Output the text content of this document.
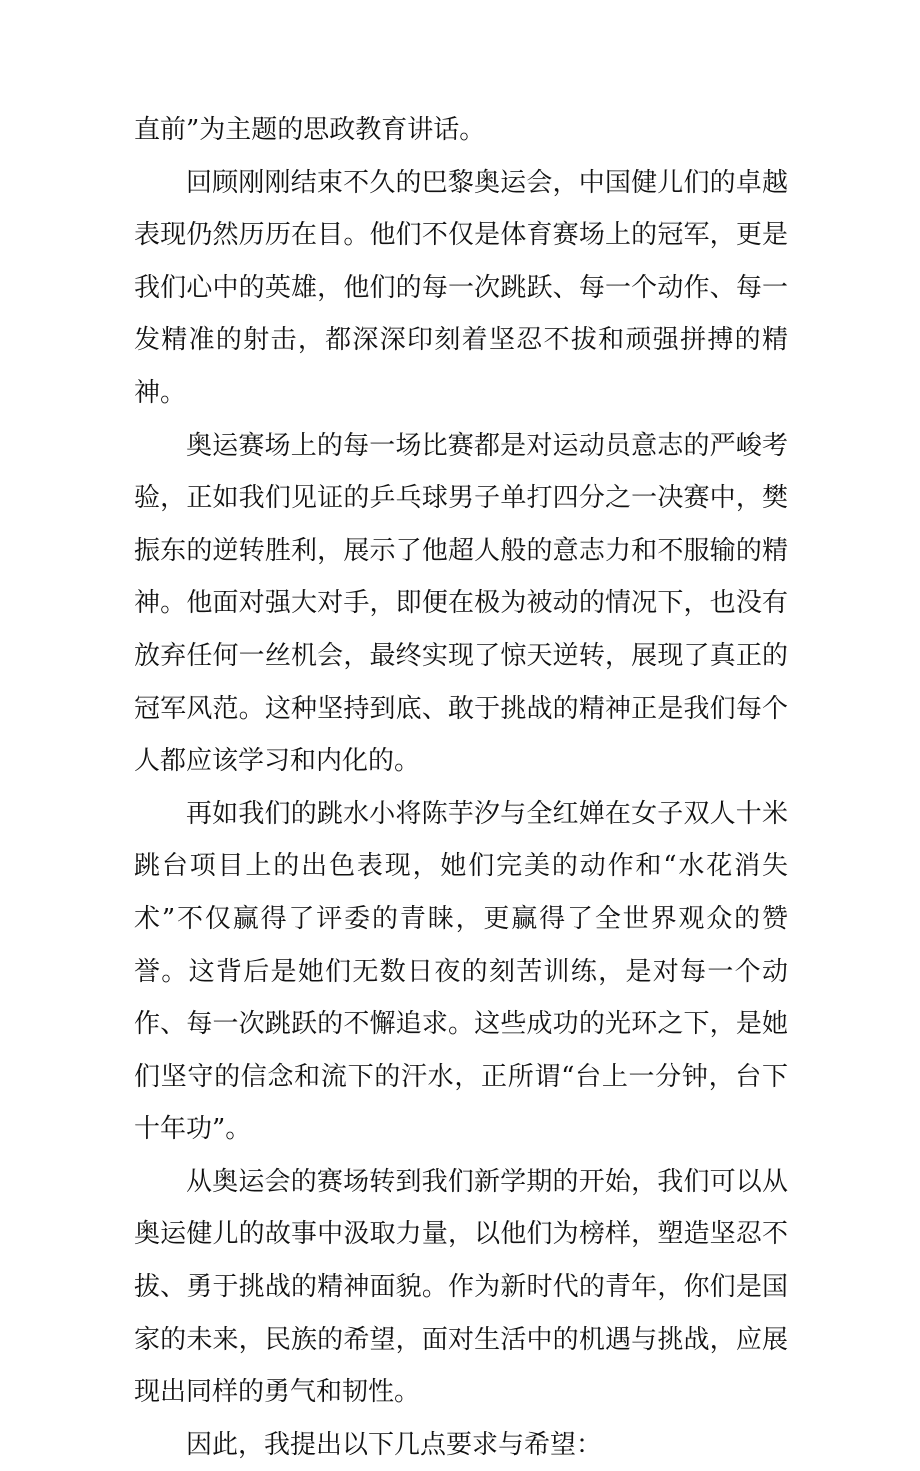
直前”为主题的思政教育讲话。

回顾刚刚结束不久的巴黎奥运会，中国健儿们的卓越表现仍然历历在目。他们不仅是体育赛场上的冠军，更是我们心中的英雄，他们的每一次跳跃、每一个动作、每一发精准的射击，都深深印刻着坚忍不拔和顽强拼搏的精神。

奥运赛场上的每一场比赛都是对运动员意志的严峻考验，正如我们见证的乒乓球男子单打四分之一决赛中，樊振东的逆转胜利，展示了他超人般的意志力和不服输的精神。他面对强大对手，即便在极为被动的情况下，也没有放弃任何一丝机会，最终实现了惊天逆转，展现了真正的冠军风范。这种坚持到底、敢于挑战的精神正是我们每个人都应该学习和内化的。

再如我们的跳水小将陈芋汐与全红婵在女子双人十米跳台项目上的出色表现，她们完美的动作和“水花消失术”不仅赢得了评委的青睐，更赢得了全世界观众的赞誉。这背后是她们无数日夜的刻苦训练，是对每一个动作、每一次跳跃的不懈追求。这些成功的光环之下，是她们坚守的信念和流下的汗水，正所谓“台上一分钟，台下十年功”。

从奥运会的赛场转到我们新学期的开始，我们可以从奥运健儿的故事中汲取力量，以他们为榜样，塑造坚忍不拔、勇于挑战的精神面貌。作为新时代的青年，你们是国家的未来，民族的希望，面对生活中的机遇与挑战，应展现出同样的勇气和韧性。

因此，我提出以下几点要求与希望：
